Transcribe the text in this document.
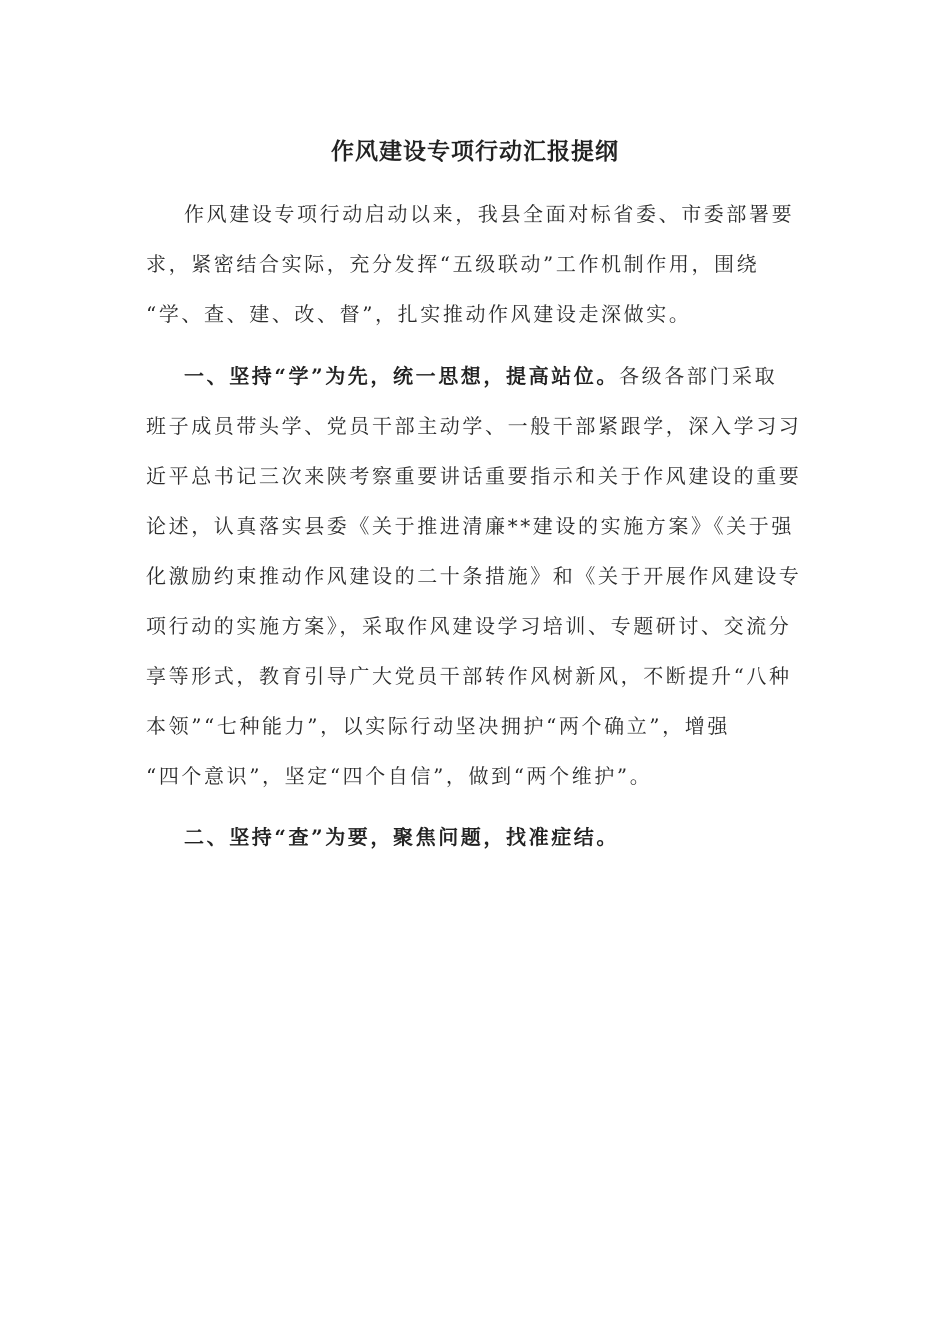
作风建设专项行动汇报提纲
作风建设专项行动启动以来，我县全面对标省委、市委部署要
求，紧密结合实际，充分发挥“五级联动”工作机制作用，围绕
“学、查、建、改、督”，扎实推动作风建设走深做实。
一、坚持“学”为先，统一思想，提高站位。各级各部门采取
班子成员带头学、党员干部主动学、一般干部紧跟学，深入学习习
近平总书记三次来陕考察重要讲话重要指示和关于作风建设的重要
论述，认真落实县委《关于推进清廉**建设的实施方案》《关于强
化激励约束推动作风建设的二十条措施》和《关于开展作风建设专
项行动的实施方案》，采取作风建设学习培训、专题研讨、交流分
享等形式，教育引导广大党员干部转作风树新风，不断提升“八种
本领”“七种能力”，以实际行动坚决拥护“两个确立”，增强
“四个意识”，坚定“四个自信”，做到“两个维护”。
二、坚持“查”为要，聚焦问题，找准症结。
